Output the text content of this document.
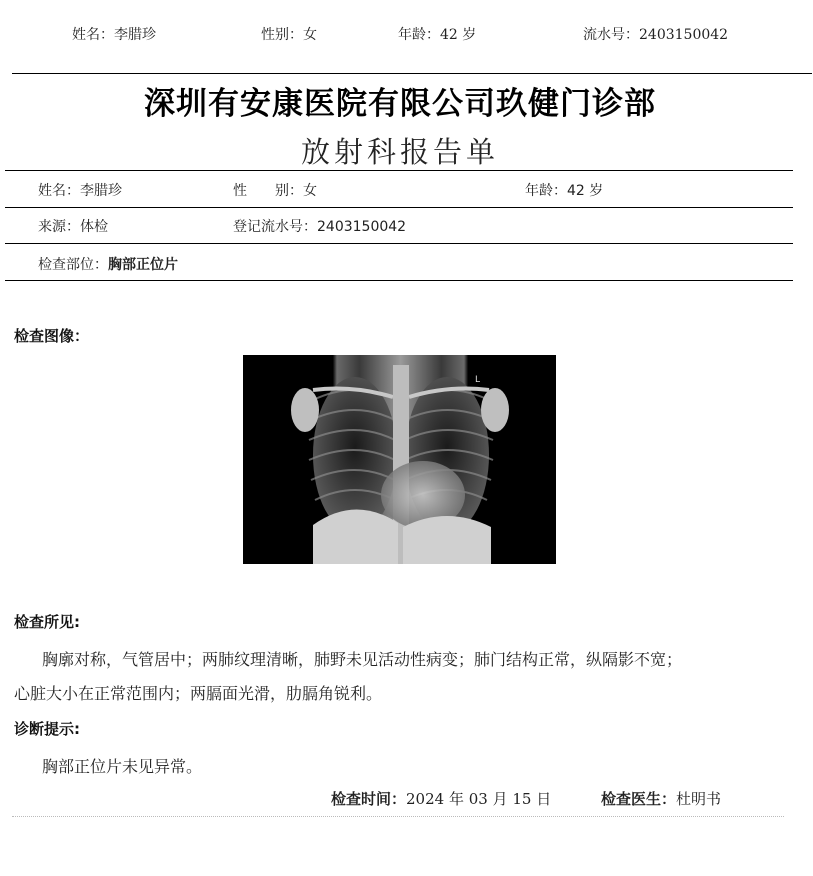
姓名：李腊珍	性别：女	年龄：42 岁	流水号：2403150042
深圳有安康医院有限公司玖健门诊部
放射科报告单
姓名：李腊珍	性　　别：女	年龄：42 岁
来源：体检	登记流水号：2403150042
检查部位：胸部正位片
检查图像：
L
检查所见:
胸廓对称，气管居中；两肺纹理清晰，肺野未见活动性病变；肺门结构正常，纵隔影不宽；
心脏大小在正常范围内；两膈面光滑，肋膈角锐利。
诊断提示:
胸部正位片未见异常。
检查时间：2024 年 03 月 15 日	检查医生：杜明书
